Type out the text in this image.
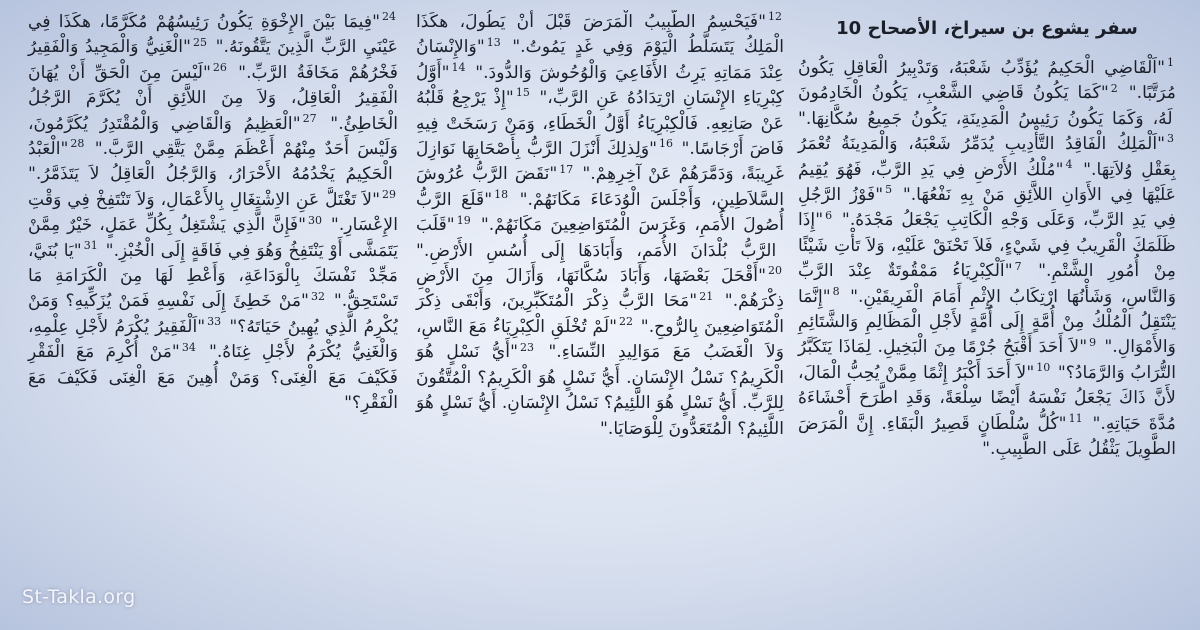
سفر يشوع بن سيراخ، الأصحاح 10
$^1$"اَلْقَاضِي الْحَكِيمُ يُؤَدِّبُ شَعْبَهُ، وَتَدْبِيرُ الْعَاقِلِ يَكُونُ مُرَتَّبًا." $^2$"كَمَا يَكُونُ قَاضِي الشَّعْبِ، يَكُونُ الْخَادِمُونَ لَهُ، وَكَمَا يَكُونُ رَئِيسُ الْمَدِينَةِ، يَكُونُ جَمِيعُ سُكَّانِهَا." $^3$"اَلْمَلِكُ الْفَاقِدُ التَّأْدِيبِ يُدَمِّرُ شَعْبَهُ، وَالْمَدِينَةُ تُعْمَرُ بِعَقْلِ وُلاَتِهَا." $^4$"مُلْكُ الأَرْضِ فِي يَدِ الرَّبِّ، فَهُوَ يُقِيمُ عَلَيْهَا فِي الأَوَانِ اللاَّئِقِ مَنْ بِهِ نَفْعُهَا." $^5$"فَوْزُ الرَّجُلِ فِي يَدِ الرَّبِّ، وَعَلَى وَجْهِ الْكَاتِبِ يَجْعَلُ مَجْدَهُ." $^6$"إِذَا ظَلَمَكَ الْقَرِيبُ فِي شَيْءٍ، فَلاَ تَحْنَقْ عَلَيْهِ، وَلاَ تَأْتِ شَيْئًا مِنْ أُمُورِ الشَّتْمِ." $^7$"اَلْكِبْرِيَاءُ مَمْقُوتَةٌ عِنْدَ الرَّبِّ وَالنَّاسِ، وَشَأْنُهَا ارْتِكَابُ الإِثْمِ أَمَامَ الْفَرِيقَيْنِ." $^8$"إِنَّمَا يَنْتَقِلُ الْمُلْكُ مِنْ أُمَّةٍ إِلَى أُمَّةٍ لأَجْلِ الْمَظَالِمِ وَالشَّتَائِمِ وَالأَمْوَالِ." $^9$"لاَ أَحَدَ أَقْبَحُ جُرْمًا مِنَ الْبَخِيلِ. لِمَاذَا يَتَكَبَّرُ التُّرَابُ وَالرَّمَادُ؟" $^{10}$"لاَ أَحَدَ أَكْبَرُ إِثْمًا مِمَّنْ يُحِبُّ الْمَالَ، لأَنَّ ذَاكَ يَجْعَلُ نَفْسَهُ أَيْضًا سِلْعَةً، وَقَدِ اطَّرَحَ أَحْشَاءَهُ مُدَّةَ حَيَاتِهِ." $^{11}$"كُلُّ سُلْطَانٍ قَصِيرُ الْبَقَاءِ. إِنَّ الْمَرَضَ الطَّوِيلَ يَثْقُلُ عَلَى الطَّبِيبِ."
$^{12}$"فَيَحْسِمُ الطَّبِيبُ الْمَرَضَ قَبْلَ أَنْ يَطُولَ، هكَذَا الْمَلِكُ يَتَسَلَّطُ الْيَوْمَ وَفِي غَدٍ يَمُوتُ." $^{13}$"وَالإِنْسَانُ عِنْدَ مَمَاتِهِ يَرِثُ الأَفَاعِيَ وَالْوُحُوشَ وَالدُّودَ." $^{14}$"أَوَّلُ كِبْرِيَاءِ الإِنْسَانِ ارْتِدَادُهُ عَنِ الرَّبِّ،" $^{15}$"إِذْ يَرْجِعُ قَلْبُهُ عَنْ صَانِعِهِ. فَالْكِبْرِيَاءُ أَوَّلُ الْخَطَاءِ، وَمَنْ رَسَخَتْ فِيهِ فَاضَ أَرْجَاسًا." $^{16}$"وَلِذلِكَ أَنْزَلَ الرَّبُّ بِأَصْحَابِهَا نَوَازِلَ غَرِيبَةً، وَدَمَّرَهُمْ عَنْ آخِرِهِمْ." $^{17}$"نَقَضَ الرَّبُّ عُرُوشَ السَّلاَطِينِ، وَأَجْلَسَ الْوُدَعَاءَ مَكَانَهُمْ." $^{18}$"قَلَعَ الرَّبُّ أُصُولَ الأُمَمِ، وَغَرَسَ الْمُتَوَاضِعِينَ مَكَانَهُمْ." $^{19}$"قَلَبَ الرَّبُّ بُلْدَانَ الأُمَمِ، وَأَبَادَهَا إِلَى أُسُسِ الأَرْضِ." $^{20}$"أَقْحَلَ بَعْضَهَا، وَأَبَادَ سُكَّانَهَا، وَأَزَالَ مِنَ الأَرْضِ ذِكْرَهُمْ." $^{21}$"مَحَا الرَّبُّ ذِكْرَ الْمُتَكَبِّرِينَ، وَأَبْقَى ذِكْرَ الْمُتَوَاضِعِينَ بِالرُّوحِ." $^{22}$"لَمْ تُخْلَقِ الْكِبْرِيَاءُ مَعَ النَّاسِ، وَلاَ الْغَضَبُ مَعَ مَوَالِيدِ النِّسَاءِ." $^{23}$"أَيُّ نَسْلٍ هُوَ الْكَرِيمُ؟ نَسْلُ الإِنْسَانِ. أَيُّ نَسْلٍ هُوَ الْكَرِيمُ؟ الْمُتَّقُونَ لِلرَّبِّ. أَيُّ نَسْلٍ هُوَ اللَّئِيمُ؟ نَسْلُ الإِنْسَانِ. أَيُّ نَسْلٍ هُوَ اللَّئِيمُ؟ الْمُتَعَدُّونَ لِلْوَصَايَا."
$^{24}$"فِيمَا بَيْنَ الإِخْوَةِ يَكُونُ رَئِيسُهُمْ مُكَرَّمًا، هكَذَا فِي عَيْنَيِ الرَّبِّ الَّذِينَ يَتَّقُونَهُ." $^{25}$"الْغَنِيُّ وَالْمَجِيدُ وَالْفَقِيرُ فَخْرُهُمْ مَخَافَةُ الرَّبِّ." $^{26}$"لَيْسَ مِنَ الْحَقِّ أَنْ يُهَانَ الْفَقِيرُ الْعَاقِلُ، وَلاَ مِنَ اللاَّئِقِ أَنْ يُكَرَّمَ الرَّجُلُ الْخَاطِئُ." $^{27}$"الْعَظِيمُ وَالْقَاضِي وَالْمُقْتَدِرُ يُكَرَّمُونَ، وَلَيْسَ أَحَدٌ مِنْهُمْ أَعْظَمَ مِمَّنْ يَتَّقِي الرَّبَّ." $^{28}$"الْعَبْدُ الْحَكِيمُ يَخْدُمُهُ الأَحْرَارُ، وَالرَّجُلُ الْعَاقِلُ لاَ يَتَذَمَّرُ." $^{29}$"لاَ تَغْتَلَّ عَنِ الاِشْتِغَالِ بِالأَعْمَالِ، وَلاَ تَنْتَفِخْ فِي وَقْتِ الإِعْسَارِ." $^{30}$"فَإِنَّ الَّذِي يَشْتَغِلُ بِكُلِّ عَمَلٍ، خَيْرٌ مِمَّنْ يَتَمَشَّى أَوْ يَنْتَفِخُ وَهُوَ فِي فَاقَةٍ إِلَى الْخُبْزِ." $^{31}$"يَا بُنَيَّ، مَجِّدْ نَفْسَكَ بِالْوَدَاعَةِ، وَأَعْطِ لَهَا مِنَ الْكَرَامَةِ مَا تَسْتَحِقُّ." $^{32}$"مَنْ خَطِئَ إِلَى نَفْسِهِ فَمَنْ يُزَكِّيهِ؟ وَمَنْ يُكْرِمُ الَّذِي يُهِينُ حَيَاتَهُ؟" $^{33}$"اَلْفَقِيرُ يُكْرَمُ لأَجْلِ عِلْمِهِ، وَالْغَنِيُّ يُكْرَمُ لأَجْلِ غِنَاهُ." $^{34}$"مَنْ أُكْرِمَ مَعَ الْفَقْرِ فَكَيْفَ مَعَ الْغِنَى؟ وَمَنْ أُهِينَ مَعَ الْغِنَى فَكَيْفَ مَعَ الْفَقْرِ؟"
St-Takla.org
